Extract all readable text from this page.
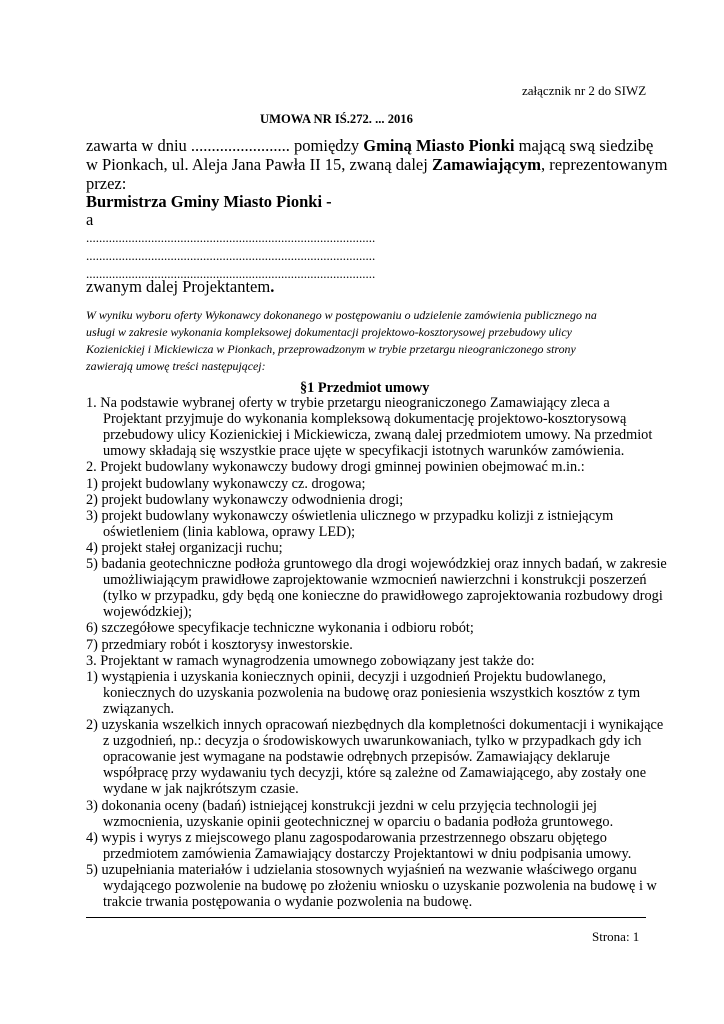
załącznik nr 2 do SIWZ
UMOWA NR IŚ.272. ... 2016
zawarta w dniu ........................ pomiędzy Gminą Miasto Pionki mającą swą siedzibę
w Pionkach, ul. Aleja Jana Pawła II 15, zwaną dalej Zamawiającym, reprezentowanym
przez:
Burmistrza Gminy Miasto Pionki -
a
.........................................................................................
.........................................................................................
.........................................................................................
zwanym dalej Projektantem.
W wyniku wyboru oferty Wykonawcy dokonanego w postępowaniu o udzielenie zamówienia publicznego na
usługi w zakresie wykonania kompleksowej dokumentacji projektowo-kosztorysowej przebudowy ulicy
Kozienickiej i Mickiewicza w Pionkach, przeprowadzonym w trybie przetargu nieograniczonego strony
zawierają umowę treści następującej:
§1 Przedmiot umowy
1. Na podstawie wybranej oferty w trybie przetargu nieograniczonego Zamawiający zleca a
Projektant przyjmuje do wykonania kompleksową dokumentację projektowo-kosztorysową
przebudowy ulicy Kozienickiej i Mickiewicza, zwaną dalej przedmiotem umowy. Na przedmiot
umowy składają się wszystkie prace ujęte w specyfikacji istotnych warunków zamówienia.
2. Projekt budowlany wykonawczy budowy drogi gminnej powinien obejmować m.in.:
1) projekt budowlany wykonawczy cz. drogowa;
2) projekt budowlany wykonawczy odwodnienia drogi;
3) projekt budowlany wykonawczy oświetlenia ulicznego w przypadku kolizji z istniejącym
oświetleniem (linia kablowa, oprawy LED);
4) projekt stałej organizacji ruchu;
5) badania geotechniczne podłoża gruntowego dla drogi wojewódzkiej oraz innych badań, w zakresie
umożliwiającym prawidłowe zaprojektowanie wzmocnień nawierzchni i konstrukcji poszerzeń
(tylko w przypadku, gdy będą one konieczne do prawidłowego zaprojektowania rozbudowy drogi
wojewódzkiej);
6) szczegółowe specyfikacje techniczne wykonania i odbioru robót;
7) przedmiary robót i kosztorysy inwestorskie.
3. Projektant w ramach wynagrodzenia umownego zobowiązany jest także do:
1) wystąpienia i uzyskania koniecznych opinii, decyzji i uzgodnień Projektu budowlanego,
koniecznych do uzyskania pozwolenia na budowę oraz poniesienia wszystkich kosztów z tym
związanych.
2) uzyskania wszelkich innych opracowań niezbędnych dla kompletności dokumentacji i wynikające
z uzgodnień, np.: decyzja o środowiskowych uwarunkowaniach, tylko w przypadkach gdy ich
opracowanie jest wymagane na podstawie odrębnych przepisów. Zamawiający deklaruje
współpracę przy wydawaniu tych decyzji, które są zależne od Zamawiającego, aby zostały one
wydane w jak najkrótszym czasie.
3) dokonania oceny (badań) istniejącej konstrukcji jezdni w celu przyjęcia technologii jej
wzmocnienia, uzyskanie opinii geotechnicznej w oparciu o badania podłoża gruntowego.
4) wypis i wyrys z miejscowego planu zagospodarowania przestrzennego obszaru objętego
przedmiotem zamówienia Zamawiający dostarczy Projektantowi w dniu podpisania umowy.
5) uzupełniania materiałów i udzielania stosownych wyjaśnień na wezwanie właściwego organu
wydającego pozwolenie na budowę po złożeniu wniosku o uzyskanie pozwolenia na budowę i w
trakcie trwania postępowania o wydanie pozwolenia na budowę.
Strona: 1
